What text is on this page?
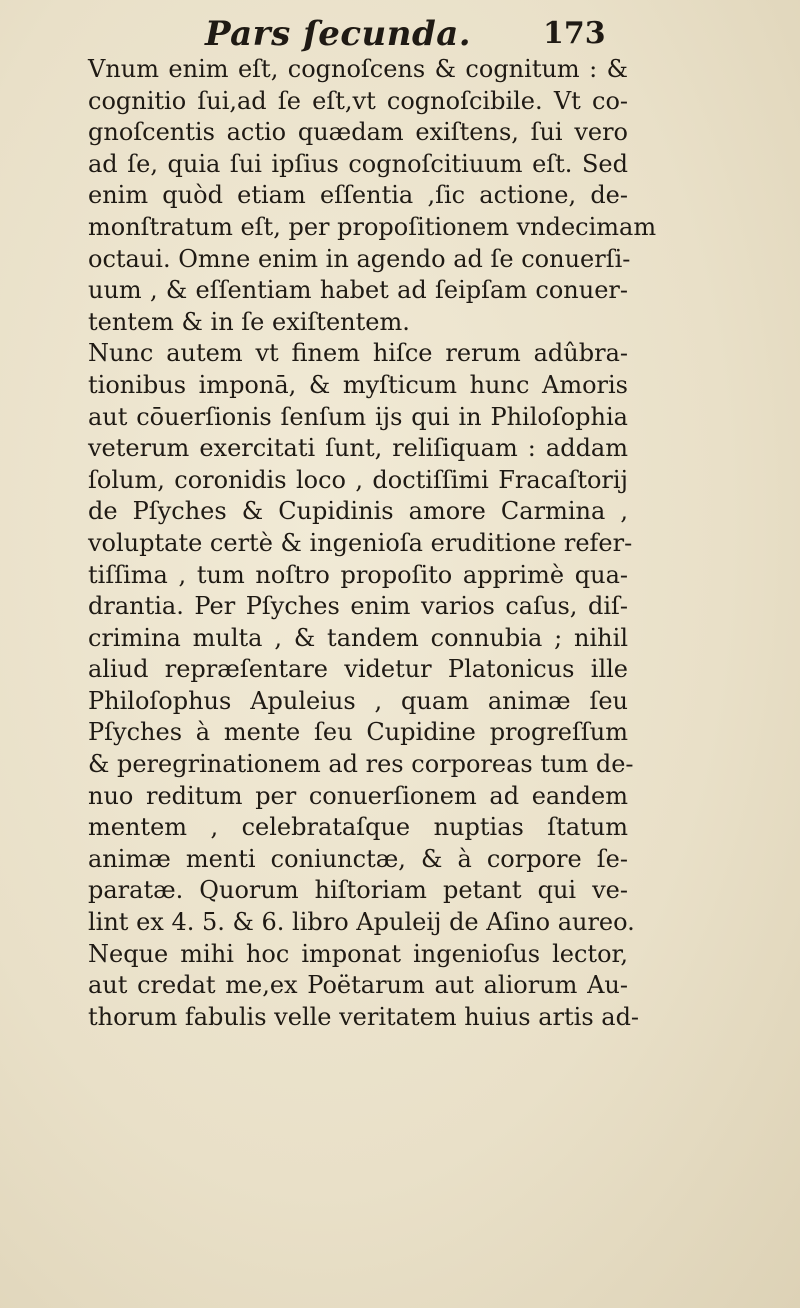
Pars ſecunda. 173
Vnum enim eſt, cognoſcens & cognitum : &
cognitio ſui,ad ſe eſt,vt cognoſcibile. Vt co-
gnoſcentis actio quædam exiſtens, ſui vero
ad ſe, quia ſui ipſius cognoſcitiuum eſt. Sed
enim quòd etiam eſſentia ,ſic actione, de-
monſtratum eſt, per propoſitionem vndecimam
octaui. Omne enim in agendo ad ſe conuerſi-
uum , & eſſentiam habet ad ſeipſam conuer-
tentem & in ſe exiſtentem.
Nunc autem vt finem hiſce rerum adûbra-
tionibus imponā, & myſticum hunc Amoris
aut cōuerſionis ſenſum ijs qui in Philoſophia
veterum exercitati ſunt, reliſiquam : addam
ſolum, coronidis loco , doctiſſimi Fracaſtorij
de Pſyches & Cupidinis amore Carmina ,
voluptate certè & ingenioſa eruditione refer-
tiſſima , tum noſtro propoſito apprimè qua-
drantia. Per Pſyches enim varios caſus, diſ-
crimina multa , & tandem connubia ; nihil
aliud repræſentare videtur Platonicus ille
Philoſophus Apuleius , quam animæ ſeu
Pſyches à mente ſeu Cupidine progreſſum
& peregrinationem ad res corporeas tum de-
nuo reditum per conuerſionem ad eandem
mentem , celebrataſque nuptias ſtatum
animæ menti coniunctæ, & à corpore ſe-
paratæ. Quorum hiſtoriam petant qui ve-
lint ex 4. 5. & 6. libro Apuleij de Aſino aureo.
Neque mihi hoc imponat ingenioſus lector,
aut credat me,ex Poëtarum aut aliorum Au-
thorum fabulis velle veritatem huius artis ad-
